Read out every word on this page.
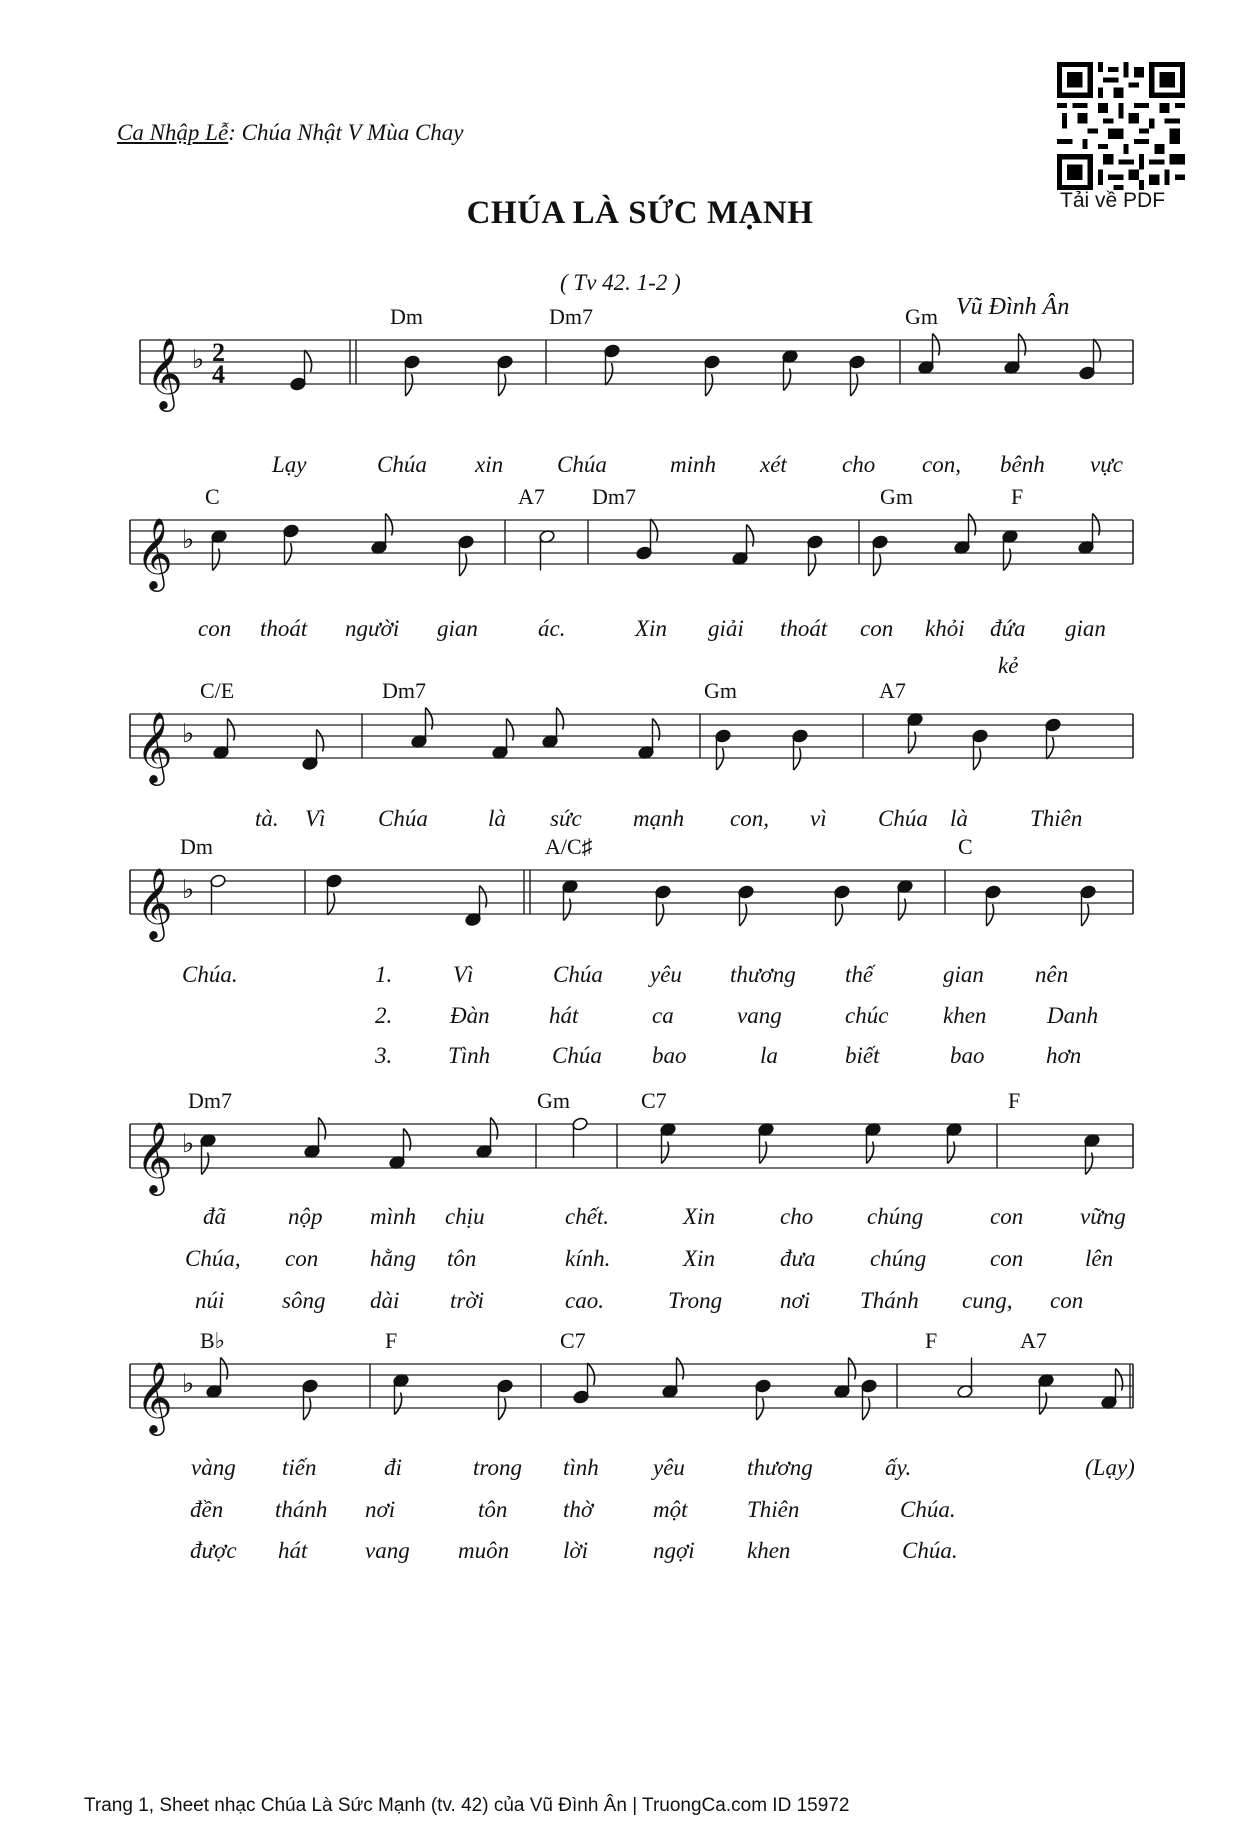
Ca Nhập Lễ: Chúa Nhật V Mùa Chay
CHÚA LÀ SỨC MẠNH
( Tv 42. 1-2 )
Vũ Đình Ân
Tải về PDF
𝄞 ♭ 2
4
Dm	Dm7	Gm
Lạy	Chúa xin Chúa	minh xét cho con, bênh vực
𝄞 ♭
C	A7 Dm7	Gm	F
con thoát người gian	ác.	Xin giải thoát con khỏi đứa gian
kẻ
𝄞 ♭
C/E	Dm7	Gm	A7
tà. Vì Chúa	là sức mạnh con, vì Chúa là	Thiên
𝄞 ♭
Dm	A/C♯	C
Chúa.	1.	Vì	Chúa yêu thương thế	gian nên
2.	Đàn	hát	ca	vang	chúc khen	Danh
3. Tình	Chúa bao	la	biết	bao	hơn
𝄞 ♭
Dm7	Gm	C7	F
đã	nộp mình chịu	chết.	Xin	cho chúng	con vững
Chúa, con hằng tôn	kính.	Xin	đưa chúng	con	lên
núi	sông dài trời	cao.	Trong	nơi Thánh cung, con
𝄞 ♭
B♭	F	C7	F	A7
vàng tiến	đi	trong tình yêu	thương	ấy.	(Lạy)
đền thánh nơi	tôn thờ	một	Thiên	Chúa.
được hát	vang muôn lời	ngợi khen	Chúa.
Trang 1, Sheet nhạc Chúa Là Sức Mạnh (tv. 42) của Vũ Đình Ân | TruongCa.com ID 15972
